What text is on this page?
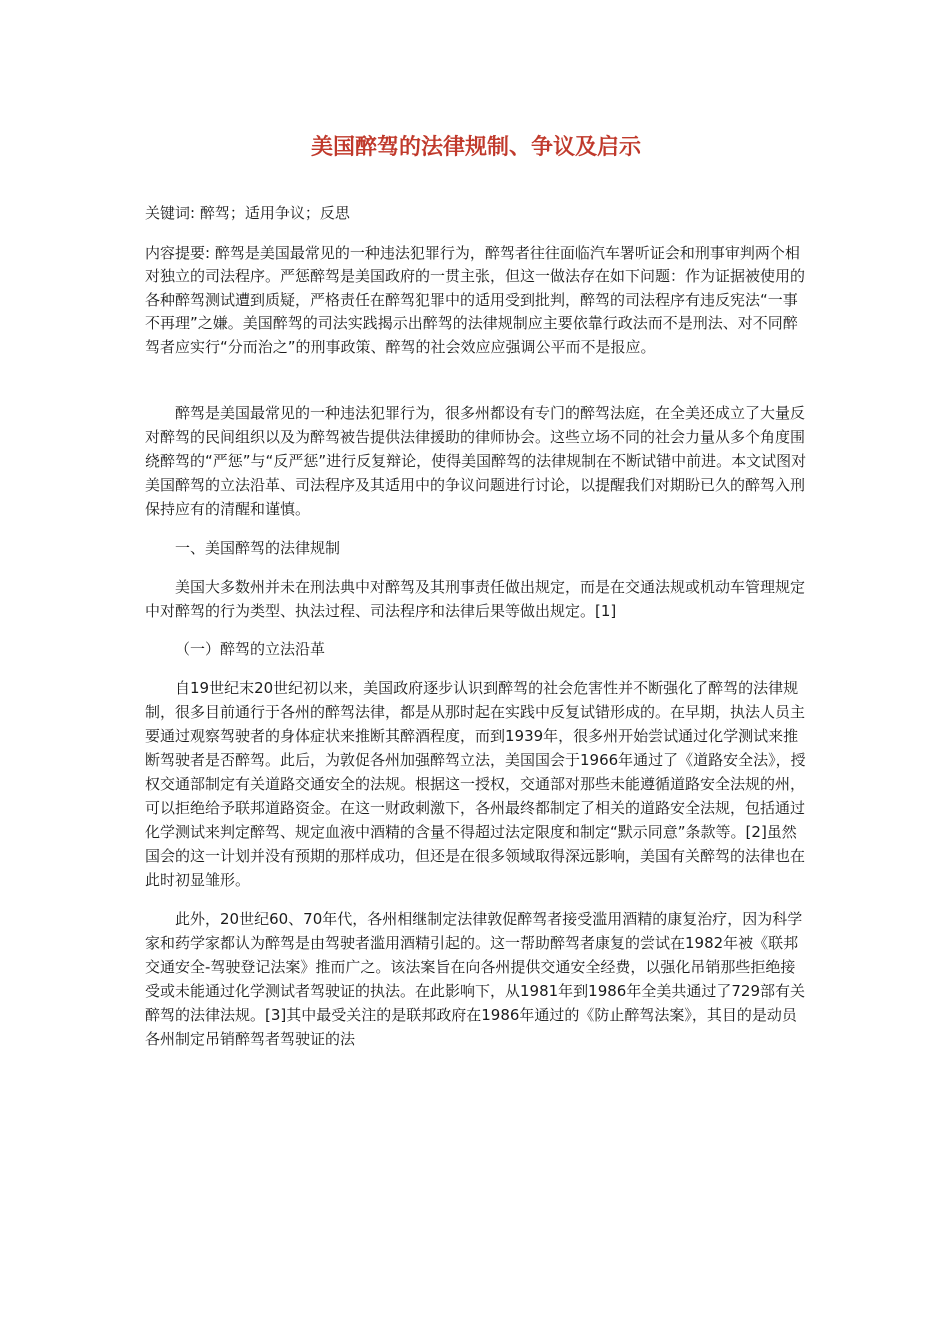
美国醉驾的法律规制、争议及启示

关键词: 醉驾；适用争议；反思

内容提要: 醉驾是美国最常见的一种违法犯罪行为，醉驾者往往面临汽车署听证会和刑事审判两个相对独立的司法程序。严惩醉驾是美国政府的一贯主张，但这一做法存在如下问题：作为证据被使用的各种醉驾测试遭到质疑，严格责任在醉驾犯罪中的适用受到批判，醉驾的司法程序有违反宪法“一事不再理”之嫌。美国醉驾的司法实践揭示出醉驾的法律规制应主要依靠行政法而不是刑法、对不同醉驾者应实行“分而治之”的刑事政策、醉驾的社会效应应强调公平而不是报应。

醉驾是美国最常见的一种违法犯罪行为，很多州都设有专门的醉驾法庭，在全美还成立了大量反对醉驾的民间组织以及为醉驾被告提供法律援助的律师协会。这些立场不同的社会力量从多个角度围绕醉驾的“严惩”与“反严惩”进行反复辩论，使得美国醉驾的法律规制在不断试错中前进。本文试图对美国醉驾的立法沿革、司法程序及其适用中的争议问题进行讨论，以提醒我们对期盼已久的醉驾入刑保持应有的清醒和谨慎。

一、美国醉驾的法律规制

美国大多数州并未在刑法典中对醉驾及其刑事责任做出规定，而是在交通法规或机动车管理规定中对醉驾的行为类型、执法过程、司法程序和法律后果等做出规定。[1]

（一）醉驾的立法沿革

自19世纪末20世纪初以来，美国政府逐步认识到醉驾的社会危害性并不断强化了醉驾的法律规制，很多目前通行于各州的醉驾法律，都是从那时起在实践中反复试错形成的。在早期，执法人员主要通过观察驾驶者的身体症状来推断其醉酒程度，而到1939年，很多州开始尝试通过化学测试来推断驾驶者是否醉驾。此后，为敦促各州加强醉驾立法，美国国会于1966年通过了《道路安全法》，授权交通部制定有关道路交通安全的法规。根据这一授权，交通部对那些未能遵循道路安全法规的州，可以拒绝给予联邦道路资金。在这一财政刺激下，各州最终都制定了相关的道路安全法规，包括通过化学测试来判定醉驾、规定血液中酒精的含量不得超过法定限度和制定“默示同意”条款等。[2]虽然国会的这一计划并没有预期的那样成功，但还是在很多领域取得深远影响，美国有关醉驾的法律也在此时初显雏形。

此外，20世纪60、70年代，各州相继制定法律敦促醉驾者接受滥用酒精的康复治疗，因为科学家和药学家都认为醉驾是由驾驶者滥用酒精引起的。这一帮助醉驾者康复的尝试在1982年被《联邦交通安全-驾驶登记法案》推而广之。该法案旨在向各州提供交通安全经费，以强化吊销那些拒绝接受或未能通过化学测试者驾驶证的执法。在此影响下，从1981年到1986年全美共通过了729部有关醉驾的法律法规。[3]其中最受关注的是联邦政府在1986年通过的《防止醉驾法案》，其目的是动员各州制定吊销醉驾者驾驶证的法
